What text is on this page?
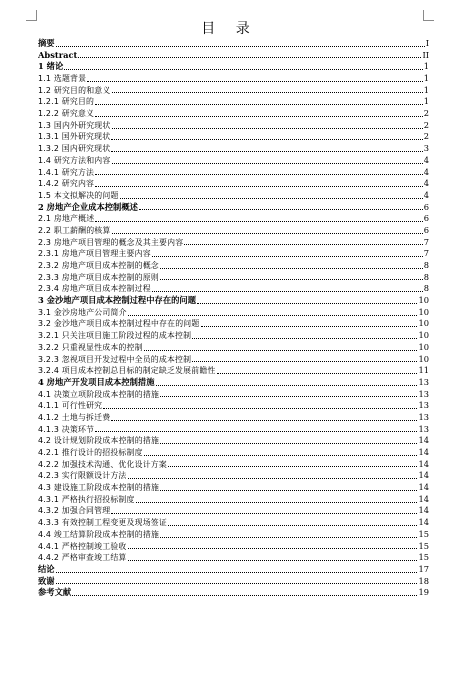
目 录
摘要	I
Abstract	II
1 绪论	1
1.1 选题背景	1
1.2 研究目的和意义	1
1.2.1 研究目的	1
1.2.2 研究意义	2
1.3 国内外研究现状	2
1.3.1 国外研究现状	2
1.3.2 国内研究现状	3
1.4 研究方法和内容	4
1.4.1 研究方法	4
1.4.2 研究内容	4
1.5 本文拟解决的问题	4
2 房地产企业成本控制概述	6
2.1 房地产概述	6
2.2 职工薪酬的核算	6
2.3 房地产项目管理的概念及其主要内容	7
2.3.1 房地产项目管理主要内容	7
2.3.2 房地产项目成本控制的概念	8
2.3.3 房地产项目成本控制的原则	8
2.3.4 房地产项目成本控制过程	8
3 金沙地产项目成本控制过程中存在的问题	10
3.1 金沙房地产公司简介	10
3.2 金沙地产项目成本控制过程中存在的问题	10
3.2.1 只关注项目施工阶段过程的成本控制	10
3.2.2 只重视显性成本的控制	10
3.2.3 忽视项目开发过程中全员的成本控制	10
3.2.4 项目成本控制总目标的制定缺乏发展前瞻性	11
4 房地产开发项目成本控制措施	13
4.1 决策立项阶段成本控制的措施	13
4.1.1 可行性研究	13
4.1.2 土地与拆迁费	13
4.1.3 决策环节	13
4.2 设计规划阶段成本控制的措施	14
4.2.1 推行设计的招投标制度	14
4.2.2 加强技术沟通、优化设计方案	14
4.2.3 实行限额设计方法	14
4.3 建设施工阶段成本控制的措施	14
4.3.1 严格执行招投标制度	14
4.3.2 加强合同管理	14
4.3.3 有效控制工程变更及现场签证	14
4.4 竣工结算阶段成本控制的措施	15
4.4.1 严格控制竣工验收	15
4.4.2 严格审查竣工结算	15
结论	17
致谢	18
参考文献	19
